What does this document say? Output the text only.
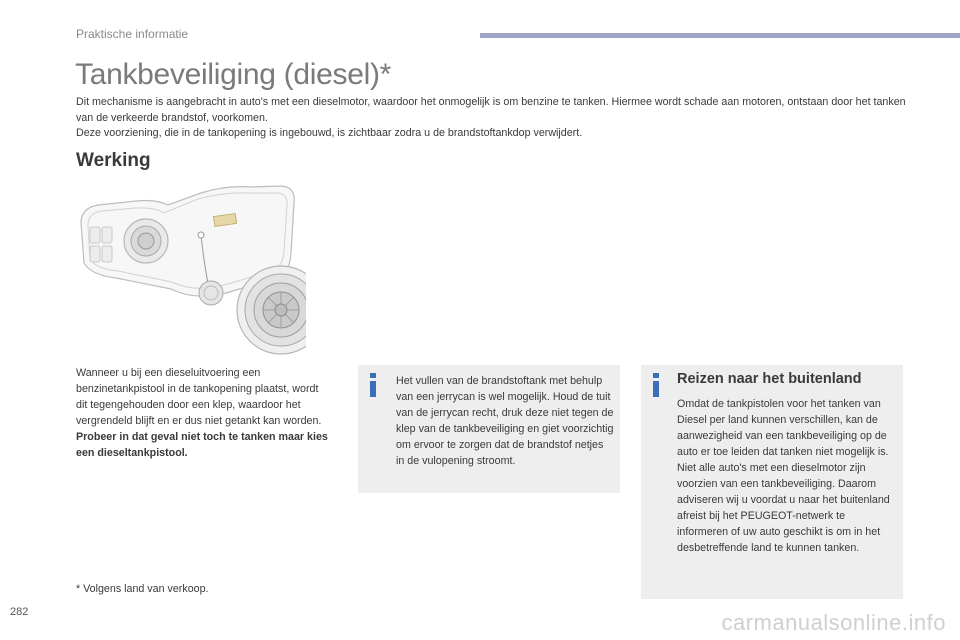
Praktische informatie
Tankbeveiliging (diesel)*

Dit mechanisme is aangebracht in auto's met een dieselmotor, waardoor het onmogelijk is om benzine te tanken. Hiermee wordt schade aan motoren, ontstaan door het tanken van de verkeerde brandstof, voorkomen.

Deze voorziening, die in de tankopening is ingebouwd, is zichtbaar zodra u de brandstoftankdop verwijdert.

Werking

Wanneer u bij een dieseluitvoering een benzinetankpistool in de tankopening plaatst, wordt dit tegengehouden door een klep, waardoor het vergrendeld blijft en er dus niet getankt kan worden.

Probeer in dat geval niet toch te tanken maar kies een dieseltankpistool.

Het vullen van de brandstoftank met behulp van een jerrycan is wel mogelijk. Houd de tuit van de jerrycan recht, druk deze niet tegen de klep van de tankbeveiliging en giet voorzichtig om ervoor te zorgen dat de brandstof netjes in de vulopening stroomt.
Reizen naar het buitenland
Omdat de tankpistolen voor het tanken van Diesel per land kunnen verschillen, kan de aanwezigheid van een tankbeveiliging op de auto er toe leiden dat tanken niet mogelijk is.
Niet alle auto's met een dieselmotor zijn voorzien van een tankbeveiliging. Daarom adviseren wij u voordat u naar het buitenland afreist bij het PEUGEOT-netwerk te informeren of uw auto geschikt is om in het desbetreffende land te kunnen tanken.
* Volgens land van verkoop.
282	carmanualsonline.info
